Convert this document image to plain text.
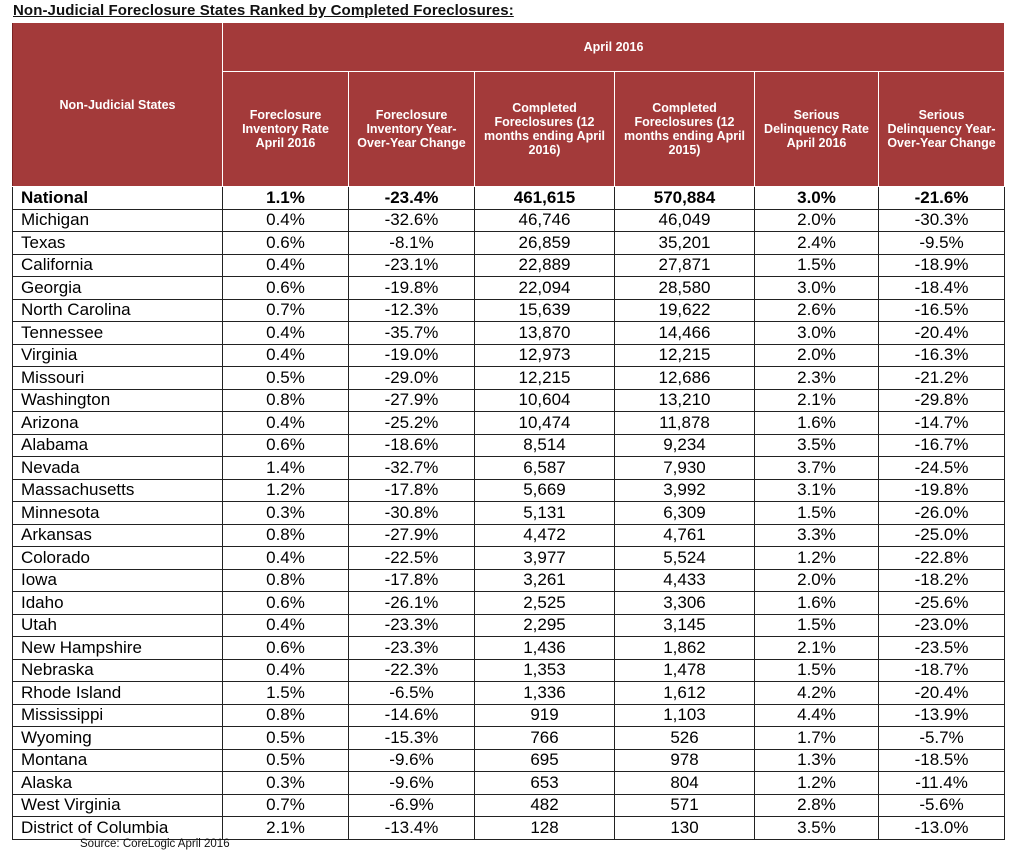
Non-Judicial Foreclosure States Ranked by Completed Foreclosures:
Non-Judicial States	April 2016					
	Foreclosure Inventory Rate April 2016	Foreclosure Inventory Year-Over-Year Change	Completed Foreclosures (12 months ending April 2016)	Completed Foreclosures (12 months ending April 2015)	Serious Delinquency Rate April 2016	Serious Delinquency Year-Over-Year Change
National	1.1%	-23.4%	461,615	570,884	3.0%	-21.6%
Michigan	0.4%	-32.6%	46,746	46,049	2.0%	-30.3%
Texas	0.6%	-8.1%	26,859	35,201	2.4%	-9.5%
California	0.4%	-23.1%	22,889	27,871	1.5%	-18.9%
Georgia	0.6%	-19.8%	22,094	28,580	3.0%	-18.4%
North Carolina	0.7%	-12.3%	15,639	19,622	2.6%	-16.5%
Tennessee	0.4%	-35.7%	13,870	14,466	3.0%	-20.4%
Virginia	0.4%	-19.0%	12,973	12,215	2.0%	-16.3%
Missouri	0.5%	-29.0%	12,215	12,686	2.3%	-21.2%
Washington	0.8%	-27.9%	10,604	13,210	2.1%	-29.8%
Arizona	0.4%	-25.2%	10,474	11,878	1.6%	-14.7%
Alabama	0.6%	-18.6%	8,514	9,234	3.5%	-16.7%
Nevada	1.4%	-32.7%	6,587	7,930	3.7%	-24.5%
Massachusetts	1.2%	-17.8%	5,669	3,992	3.1%	-19.8%
Minnesota	0.3%	-30.8%	5,131	6,309	1.5%	-26.0%
Arkansas	0.8%	-27.9%	4,472	4,761	3.3%	-25.0%
Colorado	0.4%	-22.5%	3,977	5,524	1.2%	-22.8%
Iowa	0.8%	-17.8%	3,261	4,433	2.0%	-18.2%
Idaho	0.6%	-26.1%	2,525	3,306	1.6%	-25.6%
Utah	0.4%	-23.3%	2,295	3,145	1.5%	-23.0%
New Hampshire	0.6%	-23.3%	1,436	1,862	2.1%	-23.5%
Nebraska	0.4%	-22.3%	1,353	1,478	1.5%	-18.7%
Rhode Island	1.5%	-6.5%	1,336	1,612	4.2%	-20.4%
Mississippi	0.8%	-14.6%	919	1,103	4.4%	-13.9%
Wyoming	0.5%	-15.3%	766	526	1.7%	-5.7%
Montana	0.5%	-9.6%	695	978	1.3%	-18.5%
Alaska	0.3%	-9.6%	653	804	1.2%	-11.4%
West Virginia	0.7%	-6.9%	482	571	2.8%	-5.6%
District of Columbia	2.1%	-13.4%	128	130	3.5%	-13.0%
Source: CoreLogic April 2016
